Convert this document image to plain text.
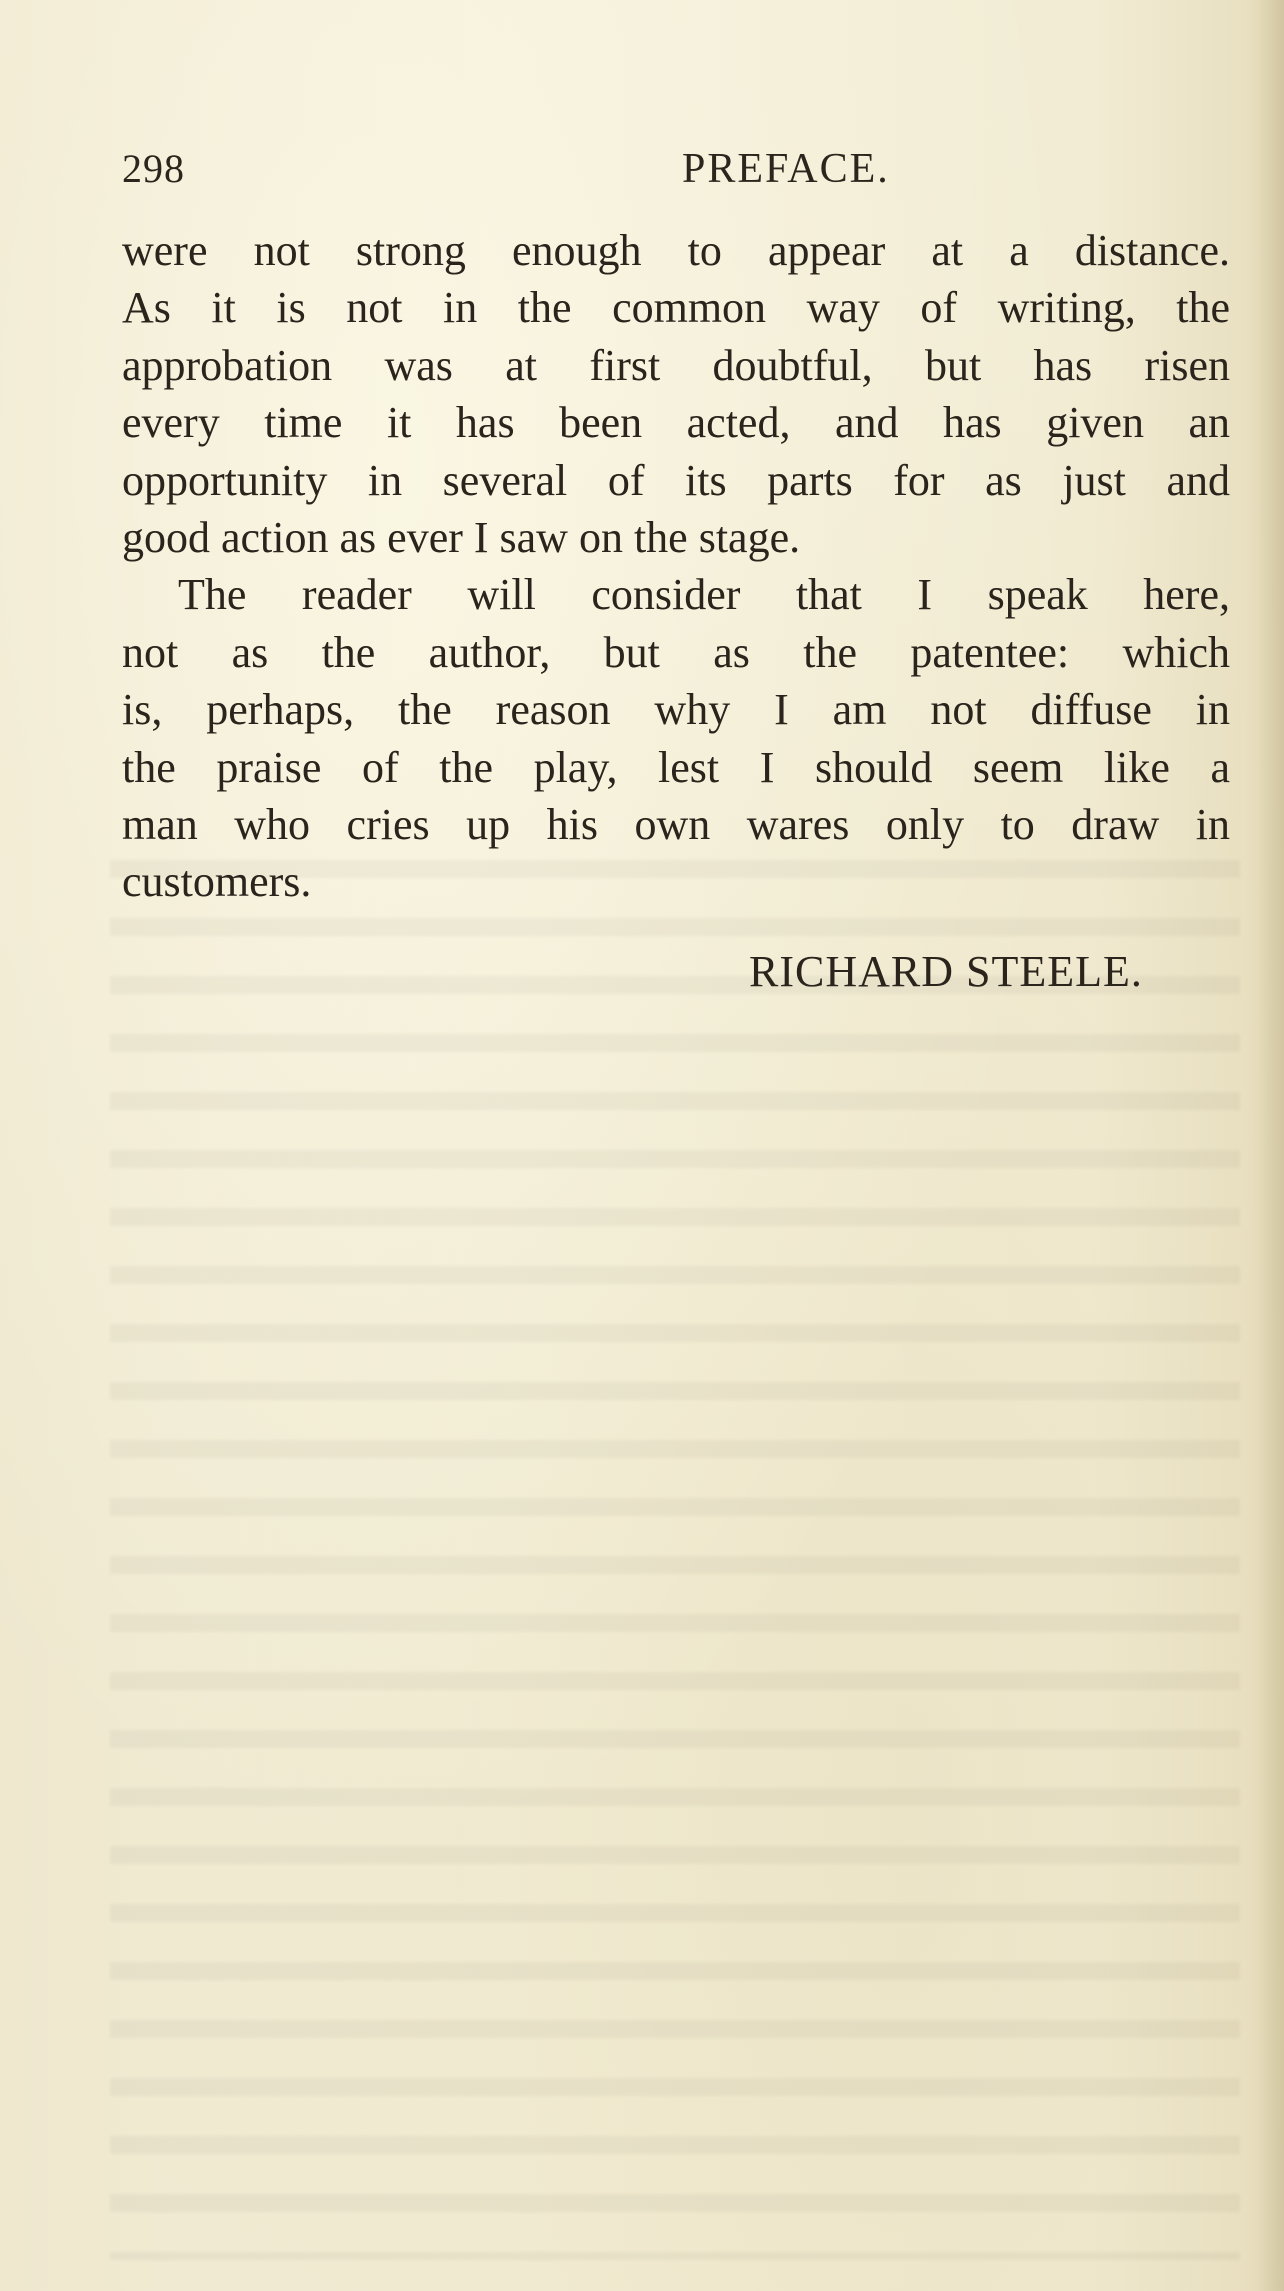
298	PREFACE.
were not strong enough to appear at a distance.
As it is not in the common way of writing, the
approbation was at first doubtful, but has risen
every time it has been acted, and has given an
opportunity in several of its parts for as just and
good action as ever I saw on the stage.
The reader will consider that I speak here,
not as the author, but as the patentee: which
is, perhaps, the reason why I am not diffuse in
the praise of the play, lest I should seem like a
man who cries up his own wares only to draw in
customers.
RICHARD STEELE.
